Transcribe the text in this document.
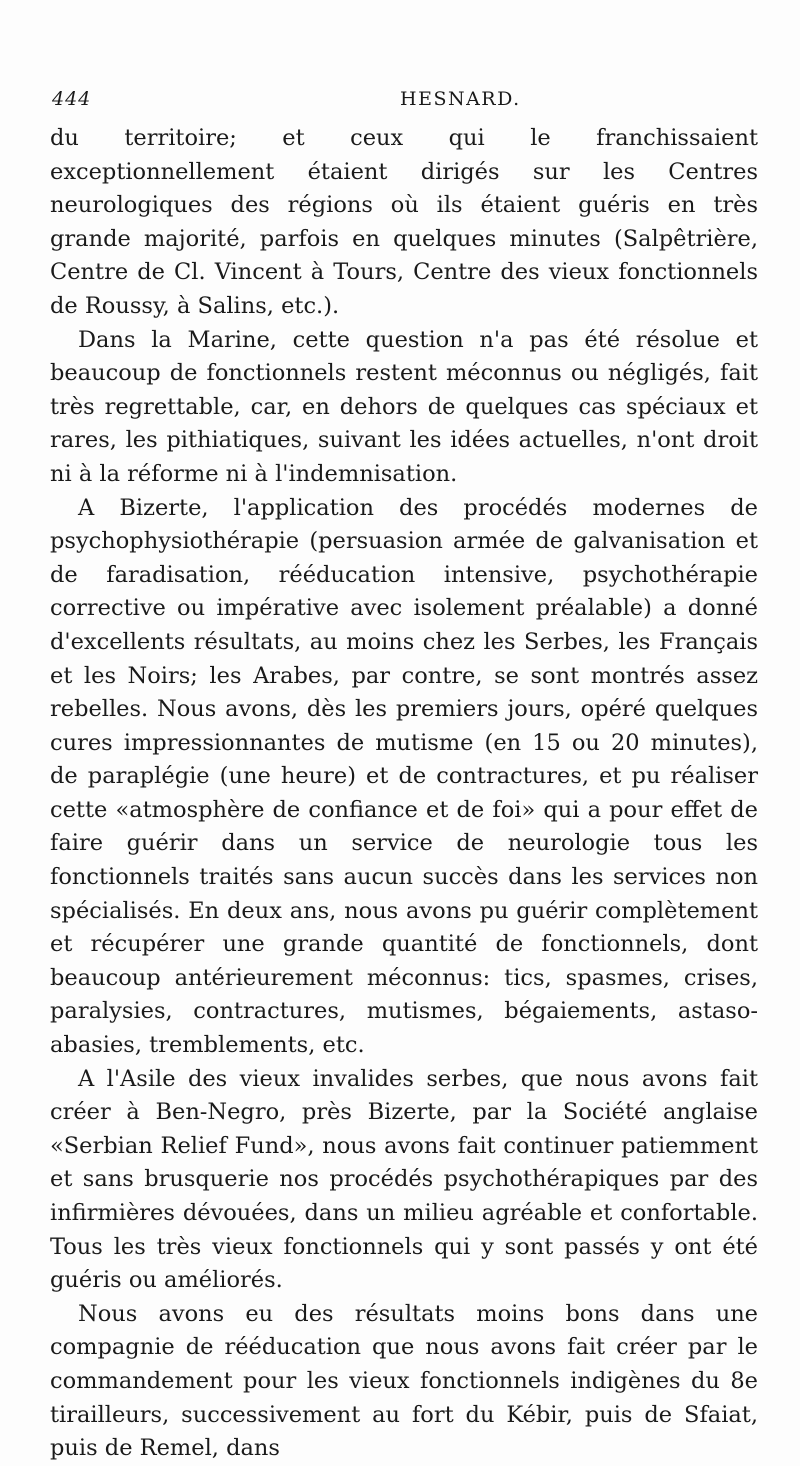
444	HESNARD.

du territoire; et ceux qui le franchissaient exceptionnellement étaient dirigés sur les Centres neurologiques des régions où ils étaient guéris en très grande majorité, parfois en quelques minutes (Salpêtrière, Centre de Cl. Vincent à Tours, Centre des vieux fonctionnels de Roussy, à Salins, etc.).

Dans la Marine, cette question n'a pas été résolue et beaucoup de fonctionnels restent méconnus ou négligés, fait très regrettable, car, en dehors de quelques cas spéciaux et rares, les pithiatiques, suivant les idées actuelles, n'ont droit ni à la réforme ni à l'indemnisation.

A Bizerte, l'application des procédés modernes de psychophysiothérapie (persuasion armée de galvanisation et de faradisation, rééducation intensive, psychothérapie corrective ou impérative avec isolement préalable) a donné d'excellents résultats, au moins chez les Serbes, les Français et les Noirs; les Arabes, par contre, se sont montrés assez rebelles. Nous avons, dès les premiers jours, opéré quelques cures impressionnantes de mutisme (en 15 ou 20 minutes), de paraplégie (une heure) et de contractures, et pu réaliser cette «atmosphère de confiance et de foi» qui a pour effet de faire guérir dans un service de neurologie tous les fonctionnels traités sans aucun succès dans les services non spécialisés. En deux ans, nous avons pu guérir complètement et récupérer une grande quantité de fonctionnels, dont beaucoup antérieurement méconnus: tics, spasmes, crises, paralysies, contractures, mutismes, bégaiements, astaso-abasies, tremblements, etc.

A l'Asile des vieux invalides serbes, que nous avons fait créer à Ben-Negro, près Bizerte, par la Société anglaise «Serbian Relief Fund», nous avons fait continuer patiemment et sans brusquerie nos procédés psychothérapiques par des infirmières dévouées, dans un milieu agréable et confortable. Tous les très vieux fonctionnels qui y sont passés y ont été guéris ou améliorés.

Nous avons eu des résultats moins bons dans une compagnie de rééducation que nous avons fait créer par le commandement pour les vieux fonctionnels indigènes du 8e tirailleurs, successivement au fort du Kébir, puis de Sfaiat, puis de Remel, dans
